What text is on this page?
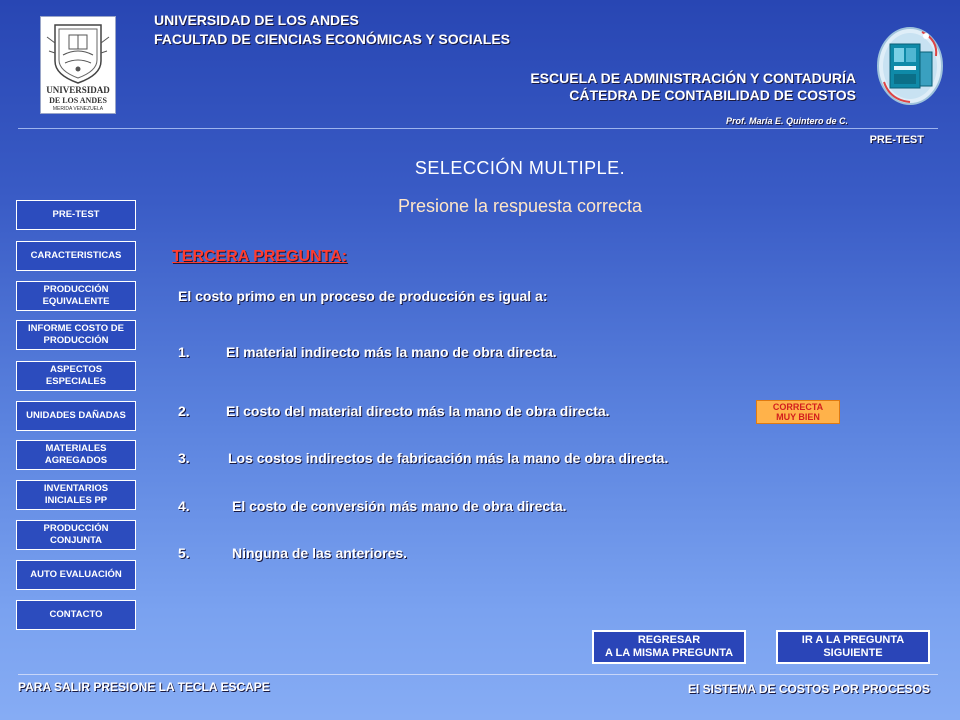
UNIVERSIDAD
DE LOS ANDES
MERIDA VENEZUELA
UNIVERSIDAD DE LOS ANDES
FACULTAD DE CIENCIAS ECONÓMICAS Y SOCIALES
ESCUELA DE ADMINISTRACIÓN Y CONTADURÍA
CÁTEDRA DE CONTABILIDAD DE COSTOS
Prof. María E. Quintero de C.
PRE-TEST
SELECCIÓN MULTIPLE.
Presione la respuesta correcta
PRE-TEST
CARACTERISTICAS
PRODUCCIÓN EQUIVALENTE
INFORME COSTO DE PRODUCCIÓN
ASPECTOS ESPECIALES
UNIDADES DAÑADAS
MATERIALES AGREGADOS
INVENTARIOS INICIALES PP
PRODUCCIÓN CONJUNTA
AUTO EVALUACIÓN
CONTACTO
TERCERA PREGUNTA:
El costo primo en un proceso de producción es igual a:
1.	El material indirecto más la mano de obra directa.
2.	El costo del material directo más la mano de obra directa.
3.	Los costos indirectos de fabricación más la mano de obra directa.
4.	El costo de conversión más mano de obra directa.
5.	Ninguna de las anteriores.
CORRECTA
MUY BIEN
REGRESAR
A LA MISMA PREGUNTA
IR A LA PREGUNTA
SIGUIENTE
PARA SALIR PRESIONE LA TECLA ESCAPE	El SISTEMA DE COSTOS POR PROCESOS
